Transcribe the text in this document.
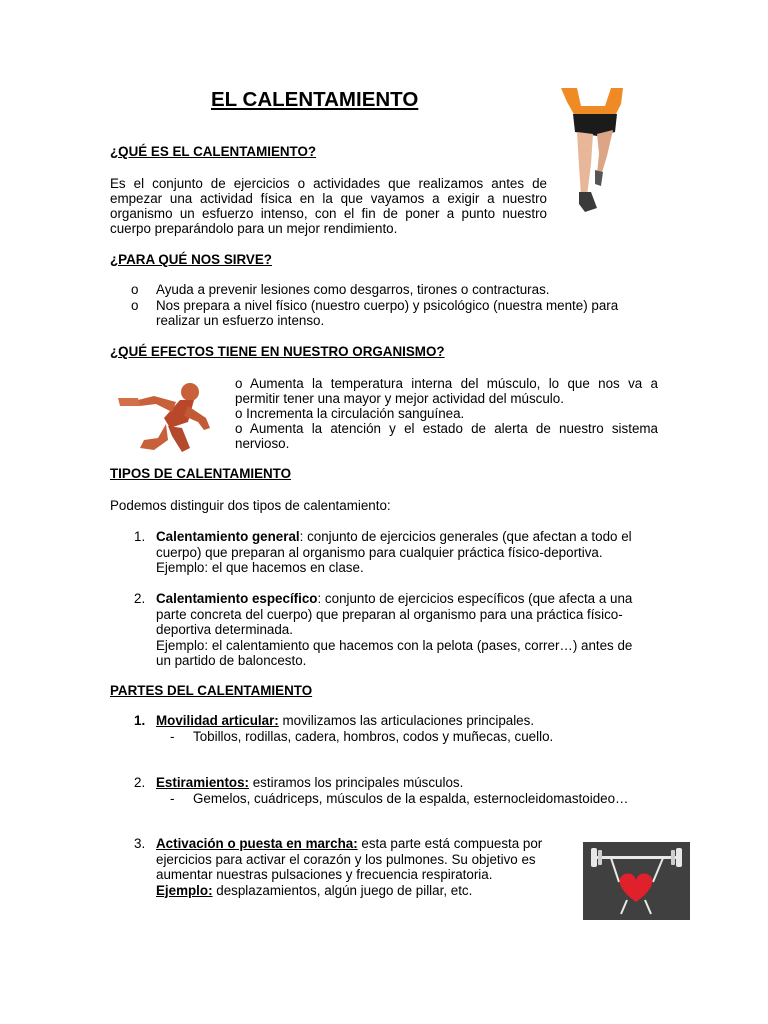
EL CALENTAMIENTO
¿QUÉ ES EL CALENTAMIENTO?
Es el conjunto de ejercicios o actividades que realizamos antes de
empezar una actividad física en la que vayamos a exigir a nuestro
organismo un esfuerzo intenso, con el fin de poner a punto nuestro
cuerpo preparándolo para un mejor rendimiento.
¿PARA QUÉ NOS SIRVE?
o Ayuda a prevenir lesiones como desgarros, tirones o contracturas.
o Nos prepara a nivel físico (nuestro cuerpo) y psicológico (nuestra mente) para
realizar un esfuerzo intenso.
¿QUÉ EFECTOS TIENE EN NUESTRO ORGANISMO?
o Aumenta la temperatura interna del músculo, lo que nos va a
permitir tener una mayor y mejor actividad del músculo.
o Incrementa la circulación sanguínea.
o Aumenta la atención y el estado de alerta de nuestro sistema
nervioso.
TIPOS DE CALENTAMIENTO
Podemos distinguir dos tipos de calentamiento:
1. Calentamiento general: conjunto de ejercicios generales (que afectan a todo el
cuerpo) que preparan al organismo para cualquier práctica físico-deportiva.
Ejemplo: el que hacemos en clase.
2. Calentamiento específico: conjunto de ejercicios específicos (que afecta a una
parte concreta del cuerpo) que preparan al organismo para una práctica físico-
deportiva determinada.
Ejemplo: el calentamiento que hacemos con la pelota (pases, correr…) antes de
un partido de baloncesto.
PARTES DEL CALENTAMIENTO
1. Movilidad articular: movilizamos las articulaciones principales.
- Tobillos, rodillas, cadera, hombros, codos y muñecas, cuello.
2. Estiramientos: estiramos los principales músculos.
- Gemelos, cuádriceps, músculos de la espalda, esternocleidomastoideo…
3. Activación o puesta en marcha: esta parte está compuesta por
ejercicios para activar el corazón y los pulmones. Su objetivo es
aumentar nuestras pulsaciones y frecuencia respiratoria.
Ejemplo: desplazamientos, algún juego de pillar, etc.
